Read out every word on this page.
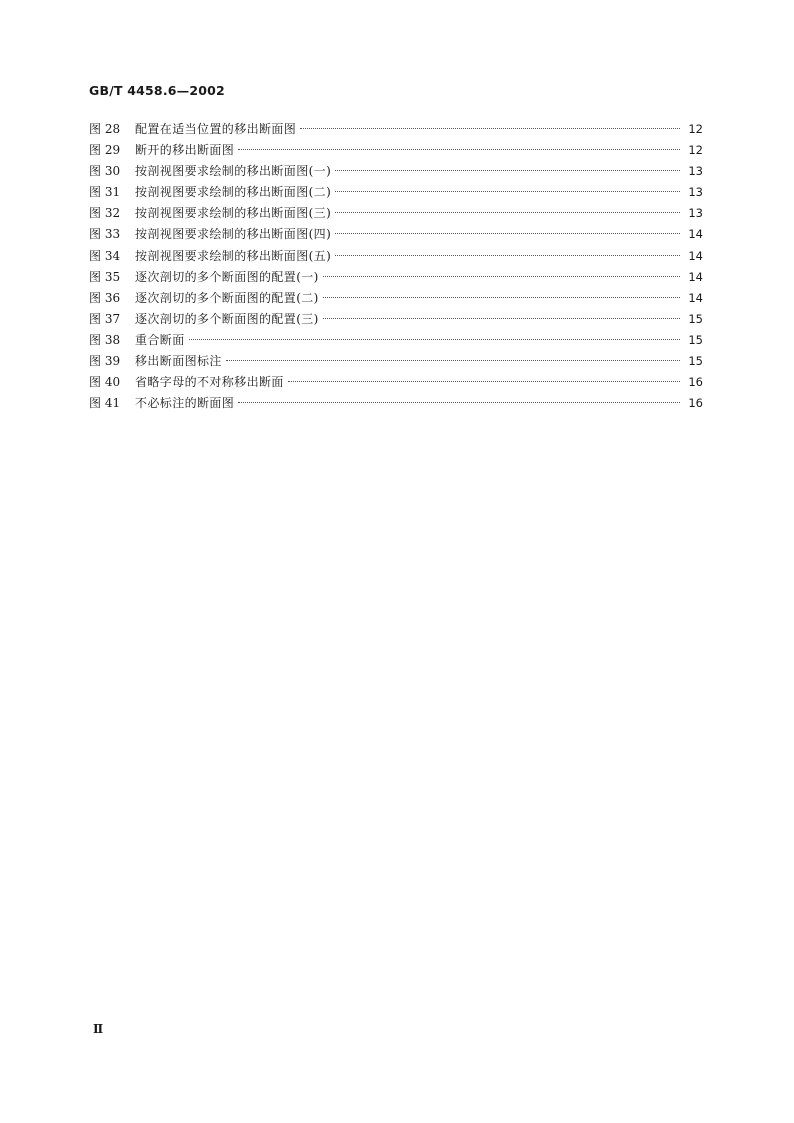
GB/T 4458.6—2002
图 28	配置在适当位置的移出断面图	12
图 29	断开的移出断面图	12
图 30	按剖视图要求绘制的移出断面图(一)	13
图 31	按剖视图要求绘制的移出断面图(二)	13
图 32	按剖视图要求绘制的移出断面图(三)	13
图 33	按剖视图要求绘制的移出断面图(四)	14
图 34	按剖视图要求绘制的移出断面图(五)	14
图 35	逐次剖切的多个断面图的配置(一)	14
图 36	逐次剖切的多个断面图的配置(二)	14
图 37	逐次剖切的多个断面图的配置(三)	15
图 38	重合断面	15
图 39	移出断面图标注	15
图 40	省略字母的不对称移出断面	16
图 41	不必标注的断面图	16
Ⅱ
